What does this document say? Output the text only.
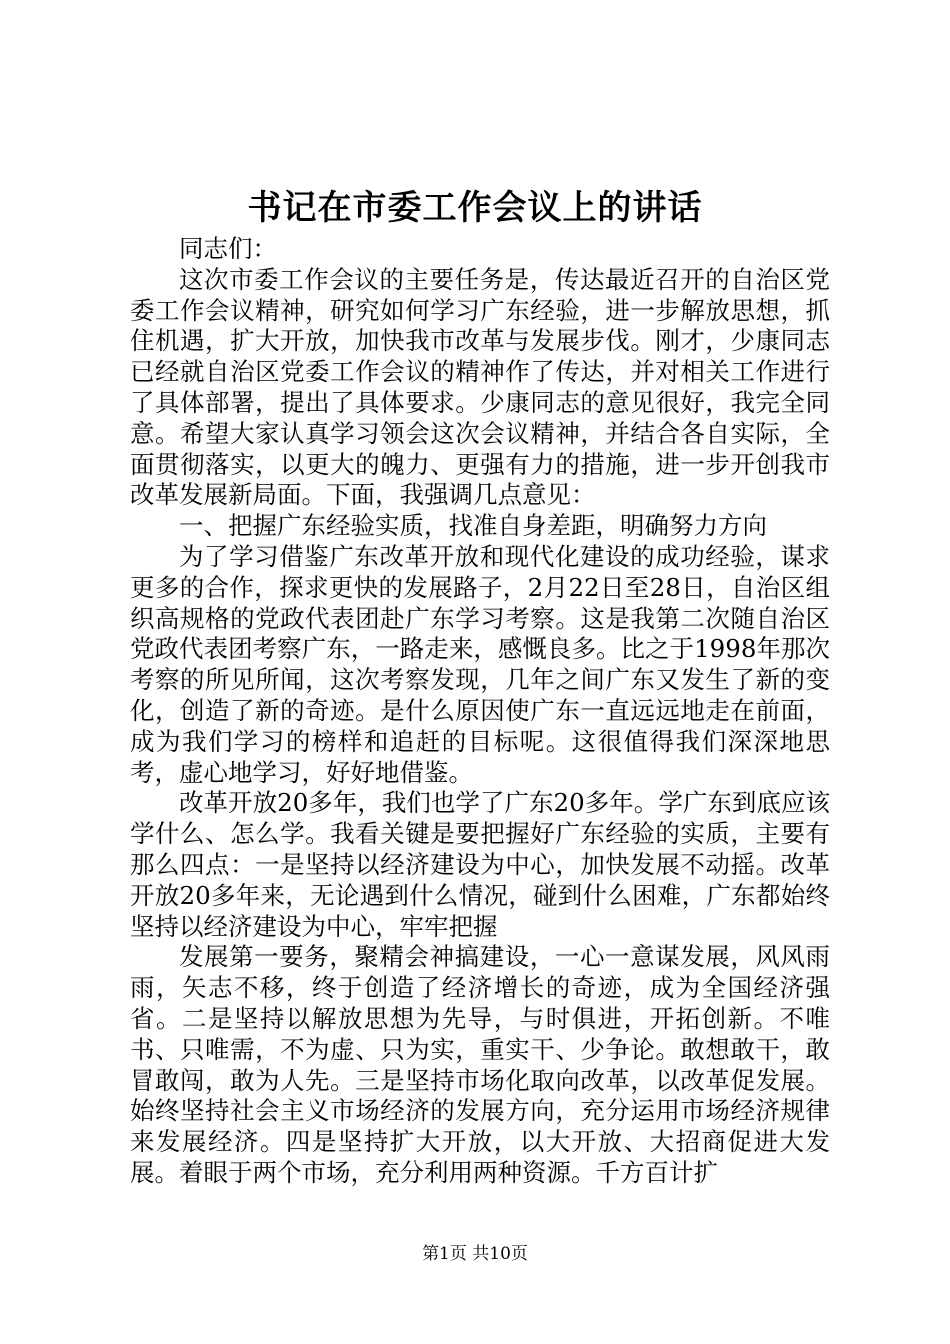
书记在市委工作会议上的讲话

同志们：

这次市委工作会议的主要任务是，传达最近召开的自治区党委工作会议精神，研究如何学习广东经验，进一步解放思想，抓住机遇，扩大开放，加快我市改革与发展步伐。刚才，少康同志已经就自治区党委工作会议的精神作了传达，并对相关工作进行了具体部署，提出了具体要求。少康同志的意见很好，我完全同意。希望大家认真学习领会这次会议精神，并结合各自实际，全面贯彻落实，以更大的魄力、更强有力的措施，进一步开创我市改革发展新局面。下面，我强调几点意见：

一、把握广东经验实质，找准自身差距，明确努力方向

为了学习借鉴广东改革开放和现代化建设的成功经验，谋求更多的合作，探求更快的发展路子，2月22日至28日，自治区组织高规格的党政代表团赴广东学习考察。这是我第二次随自治区党政代表团考察广东，一路走来，感慨良多。比之于1998年那次考察的所见所闻，这次考察发现，几年之间广东又发生了新的变化，创造了新的奇迹。是什么原因使广东一直远远地走在前面，成为我们学习的榜样和追赶的目标呢。这很值得我们深深地思考，虚心地学习，好好地借鉴。

改革开放20多年，我们也学了广东20多年。学广东到底应该学什么、怎么学。我看关键是要把握好广东经验的实质，主要有那么四点：一是坚持以经济建设为中心，加快发展不动摇。改革开放20多年来，无论遇到什么情况，碰到什么困难，广东都始终坚持以经济建设为中心，牢牢把握

发展第一要务，聚精会神搞建设，一心一意谋发展，风风雨雨，矢志不移，终于创造了经济增长的奇迹，成为全国经济强省。二是坚持以解放思想为先导，与时俱进，开拓创新。不唯书、只唯需，不为虚、只为实，重实干、少争论。敢想敢干，敢冒敢闯，敢为人先。三是坚持市场化取向改革，以改革促发展。始终坚持社会主义市场经济的发展方向，充分运用市场经济规律来发展经济。四是坚持扩大开放，以大开放、大招商促进大发展。着眼于两个市场，充分利用两种资源。千方百计扩

第1页 共10页
